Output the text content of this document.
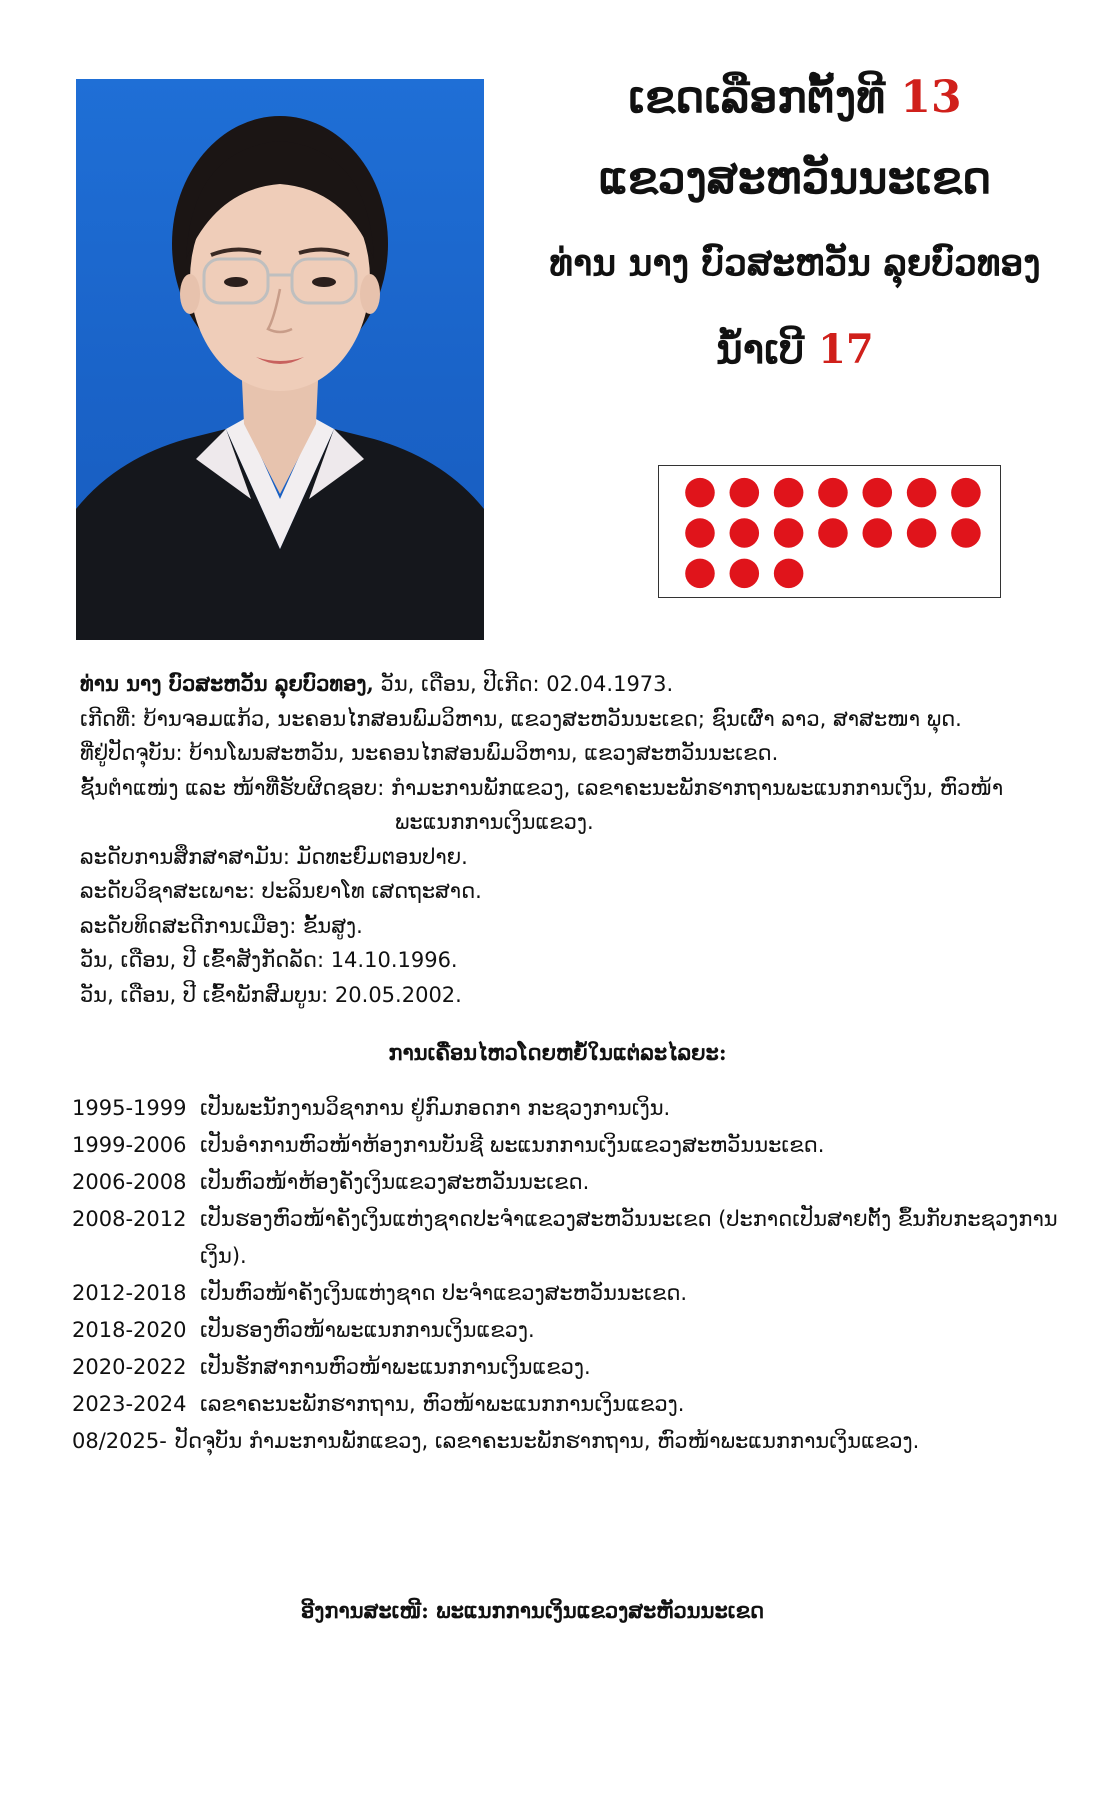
ເຂດເລືອກຕັ້ງທີ 13
ແຂວງສະຫວັນນະເຂດ
ທ່ານ ນາງ ບົວສະຫວັນ ລຸຍບົວທອງ
ນ້ຳເບີ 17
ທ່ານ ນາງ ບົວສະຫວັນ ລຸຍບົວທອງ, ວັນ, ເດືອນ, ປີເກີດ: 02.04.1973.
ເກີດທີ່: ບ້ານຈອມແກ້ວ, ນະຄອນໄກສອນພົມວິຫານ, ແຂວງສະຫວັນນະເຂດ; ຊົນເຜົ່າ ລາວ, ສາສະໜາ ພຸດ.
ທີ່ຢູ່ປັດຈຸບັນ: ບ້ານໂພນສະຫວັນ, ນະຄອນໄກສອນພົມວິຫານ, ແຂວງສະຫວັນນະເຂດ.
ຊັ້ນຕຳແໜ່ງ ແລະ ໜ້າທີ່ຮັບຜິດຊອບ: ກຳມະການພັກແຂວງ, ເລຂາຄະນະພັກຮາກຖານພະແນກການເງິນ, ຫົວໜ້າ
ພະແນກການເງິນແຂວງ.
ລະດັບການສຶກສາສາມັນ: ມັດທະຍົມຕອນປາຍ.
ລະດັບວິຊາສະເພາະ: ປະລິນຍາໂທ ເສດຖະສາດ.
ລະດັບທິດສະດີການເມືອງ: ຂັ້ນສູງ.
ວັນ, ເດືອນ, ປີ ເຂົ້າສັງກັດລັດ: 14.10.1996.
ວັນ, ເດືອນ, ປີ ເຂົ້າພັກສົມບູນ: 20.05.2002.
ການເຄື່ອນໄຫວໂດຍຫຍໍ້ໃນແຕ່ລະໄລຍະ:
1995-1999 ເປັນພະນັກງານວິຊາການ ຢູ່ກົມກອດກາ ກະຊວງການເງິນ.
1999-2006 ເປັນອຳການຫົວໜ້າຫ້ອງການບັນຊີ ພະແນກການເງິນແຂວງສະຫວັນນະເຂດ.
2006-2008 ເປັນຫົວໜ້າຫ້ອງຄັງເງິນແຂວງສະຫວັນນະເຂດ.
2008-2012 ເປັນຮອງຫົວໜ້າຄັງເງິນແຫ່ງຊາດປະຈຳແຂວງສະຫວັນນະເຂດ (ປະກາດເປັນສາຍຕັ້ງ ຂຶ້ນກັບກະຊວງການເງິນ).
2012-2018 ເປັນຫົວໜ້າຄັງເງິນແຫ່ງຊາດ ປະຈຳແຂວງສະຫວັນນະເຂດ.
2018-2020 ເປັນຮອງຫົວໜ້າພະແນກການເງິນແຂວງ.
2020-2022 ເປັນຮັກສາການຫົວໜ້າພະແນກການເງິນແຂວງ.
2023-2024 ເລຂາຄະນະພັກຮາກຖານ, ຫົວໜ້າພະແນກການເງິນແຂວງ.
08/2025- ປັດຈຸບັນ ກຳມະການພັກແຂວງ, ເລຂາຄະນະພັກຮາກຖານ, ຫົວໜ້າພະແນກການເງິນແຂວງ.
ອີງການສະເໜີ: ພະແນກການເງິນແຂວງສະຫັວນນະເຂດ
